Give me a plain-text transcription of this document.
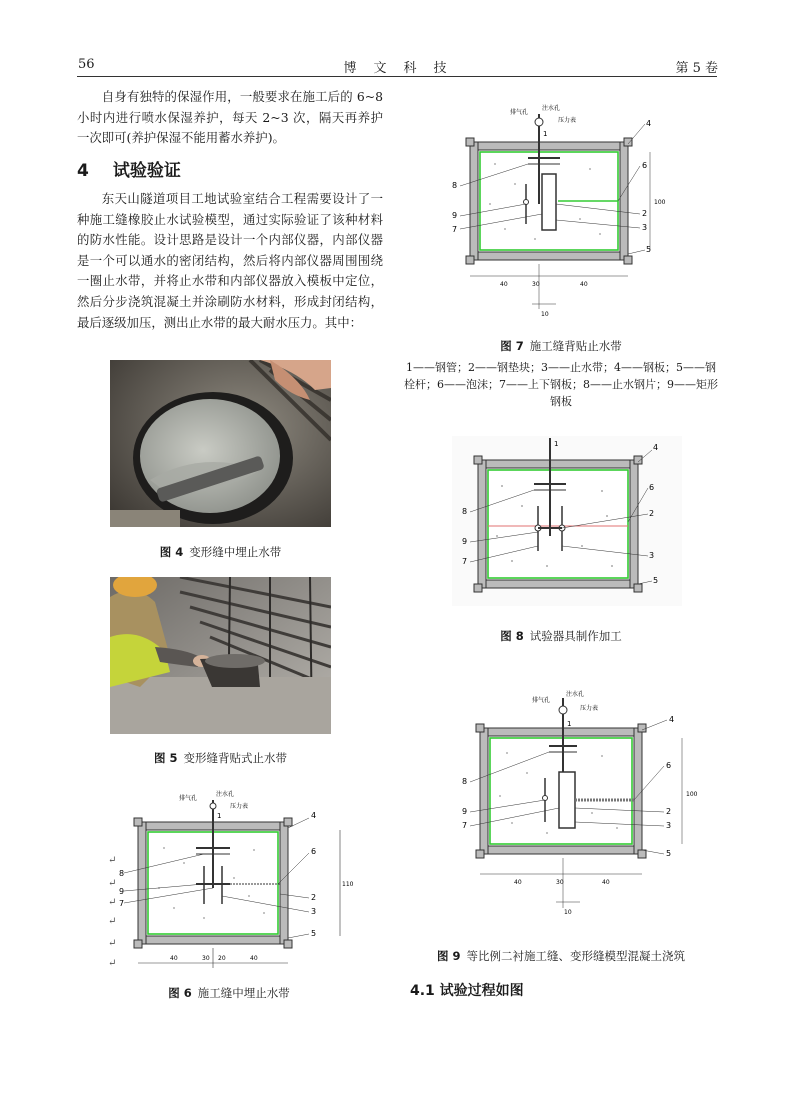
56	博　文　科　技	第 5 卷

自身有独特的保湿作用，一般要求在施工后的 6~8 小时内进行喷水保湿养护，每天 2~3 次，隔天再养护一次即可(养护保湿不能用蓄水养护)。

4 试验验证

东天山隧道项目工地试验室结合工程需要设计了一种施工缝橡胶止水试验模型，通过实际验证了该种材料的防水性能。设计思路是设计一个内部仪器，内部仪器是一个可以通水的密闭结构，然后将内部仪器周围围绕一圈止水带，并将止水带和内部仪器放入模板中定位，然后分步浇筑混凝土并涂刷防水材料，形成封闭结构，最后逐级加压，测出止水带的最大耐水压力。其中：

图 4 变形缝中埋止水带
图 5 变形缝背贴式止水带
排气孔
注水孔
压力表
1
8
9
7
4
6
2
3
5
110
40	30 20	40
↵
↵
↵
↵
↵
↵
图 6 施工缝中埋止水带
排气孔
注水孔
压力表
1
8
9
7
4
6
2
3
5
100
40	30	40
10
图 7 施工缝背贴止水带
1——钢管；2——钢垫块；3——止水带；4——钢板；5——钢栓杆；6——泡沫；7——上下钢板；8——止水钢片；9——矩形钢板
1
8
9
7
4
6
2
3
5
图 8 试验器具制作加工
排气孔
注水孔
压力表
1
8
9
7
4
6
2
3
5
100
40	30	40
10
图 9 等比例二衬施工缝、变形缝模型混凝土浇筑
4.1 试验过程如图
